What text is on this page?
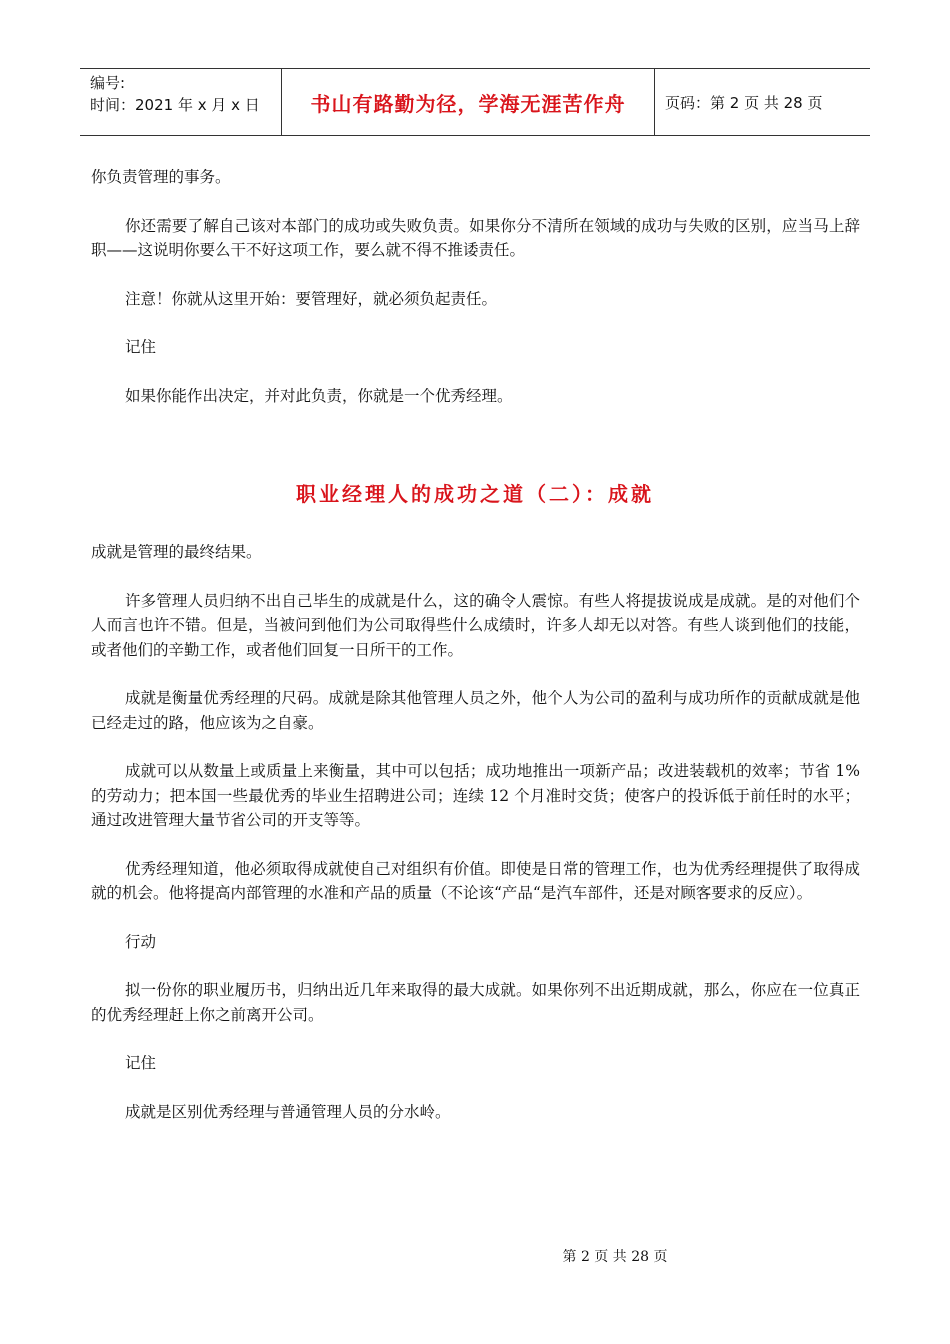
编号:
时间：2021 年 x 月 x 日	书山有路勤为径，学海无涯苦作舟	页码：第 2 页 共 28 页

你负责管理的事务。

你还需要了解自己该对本部门的成功或失败负责。如果你分不清所在领域的成功与失败的区别，应当马上辞职——这说明你要么干不好这项工作，要么就不得不推诿责任。

注意！你就从这里开始：要管理好，就必须负起责任。

记住

如果你能作出决定，并对此负责，你就是一个优秀经理。

职业经理人的成功之道（二）：成就

成就是管理的最终结果。

许多管理人员归纳不出自己毕生的成就是什么，这的确令人震惊。有些人将提拔说成是成就。是的对他们个人而言也许不错。但是，当被问到他们为公司取得些什么成绩时，许多人却无以对答。有些人谈到他们的技能，或者他们的辛勤工作，或者他们回复一日所干的工作。

成就是衡量优秀经理的尺码。成就是除其他管理人员之外，他个人为公司的盈利与成功所作的贡献成就是他已经走过的路，他应该为之自豪。

成就可以从数量上或质量上来衡量，其中可以包括；成功地推出一项新产品；改进装载机的效率；节省 1% 的劳动力；把本国一些最优秀的毕业生招聘进公司；连续 12 个月准时交货；使客户的投诉低于前任时的水平；通过改进管理大量节省公司的开支等等。

优秀经理知道，他必须取得成就使自己对组织有价值。即使是日常的管理工作，也为优秀经理提供了取得成就的机会。他将提高内部管理的水准和产品的质量（不论该“产品“是汽车部件，还是对顾客要求的反应）。

行动

拟一份你的职业履历书，归纳出近几年来取得的最大成就。如果你列不出近期成就，那么，你应在一位真正的优秀经理赶上你之前离开公司。

记住

成就是区别优秀经理与普通管理人员的分水岭。

第 2 页 共 28 页
